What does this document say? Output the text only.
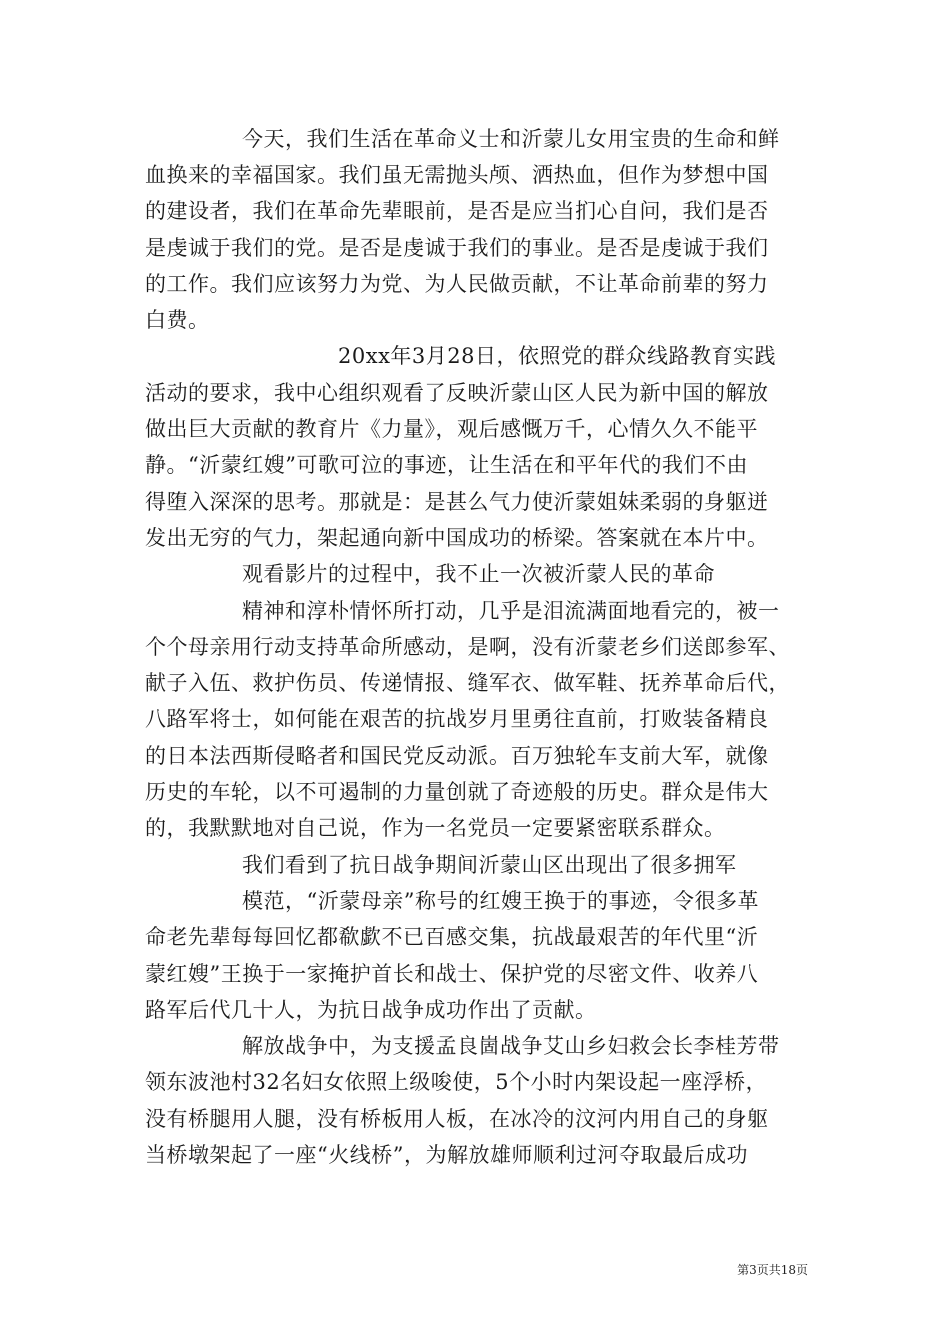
今天，我们生活在革命义士和沂蒙儿女用宝贵的生命和鲜
血换来的幸福国家。我们虽无需抛头颅、洒热血，但作为梦想中国
的建设者，我们在革命先辈眼前，是否是应当扪心自问，我们是否
是虔诚于我们的党。是否是虔诚于我们的事业。是否是虔诚于我们
的工作。我们应该努力为党、为人民做贡献，不让革命前辈的努力
白费。
20xx年3月28日，依照党的群众线路教育实践
活动的要求，我中心组织观看了反映沂蒙山区人民为新中国的解放
做出巨大贡献的教育片《力量》，观后感慨万千，心情久久不能平
静。“沂蒙红嫂”可歌可泣的事迹，让生活在和平年代的我们不由
得堕入深深的思考。那就是：是甚么气力使沂蒙姐妹柔弱的身躯迸
发出无穷的气力，架起通向新中国成功的桥梁。答案就在本片中。
观看影片的过程中，我不止一次被沂蒙人民的革命
精神和淳朴情怀所打动，几乎是泪流满面地看完的，被一
个个母亲用行动支持革命所感动，是啊，没有沂蒙老乡们送郎参军、
献子入伍、救护伤员、传递情报、缝军衣、做军鞋、抚养革命后代，
八路军将士，如何能在艰苦的抗战岁月里勇往直前，打败装备精良
的日本法西斯侵略者和国民党反动派。百万独轮车支前大军，就像
历史的车轮，以不可遏制的力量创就了奇迹般的历史。群众是伟大
的，我默默地对自己说，作为一名党员一定要紧密联系群众。
我们看到了抗日战争期间沂蒙山区出现出了很多拥军
模范，“沂蒙母亲”称号的红嫂王换于的事迹，令很多革
命老先辈每每回忆都欷歔不已百感交集，抗战最艰苦的年代里“沂
蒙红嫂”王换于一家掩护首长和战士、保护党的尽密文件、收养八
路军后代几十人，为抗日战争成功作出了贡献。
解放战争中，为支援孟良崮战争艾山乡妇救会长李桂芳带
领东波池村32名妇女依照上级唆使，5个小时内架设起一座浮桥，
没有桥腿用人腿，没有桥板用人板，在冰冷的汶河内用自己的身躯
当桥墩架起了一座“火线桥”，为解放雄师顺利过河夺取最后成功
第3页共18页
